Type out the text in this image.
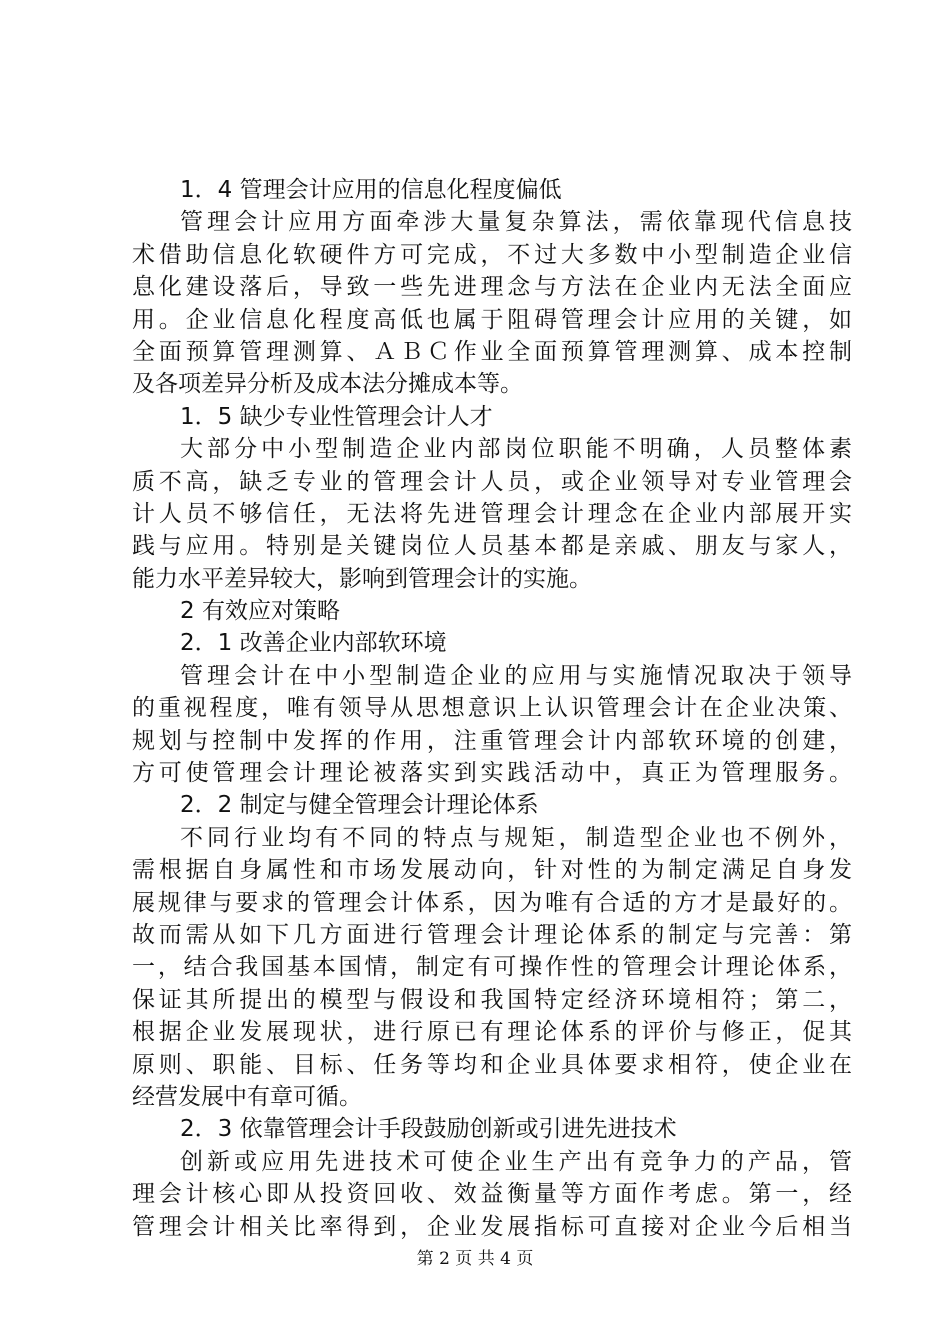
1．4 管理会计应用的信息化程度偏低
管理会计应用方面牵涉大量复杂算法，需依靠现代信息技
术借助信息化软硬件方可完成，不过大多数中小型制造企业信
息化建设落后，导致一些先进理念与方法在企业内无法全面应
用。企业信息化程度高低也属于阻碍管理会计应用的关键，如
全面预算管理测算、ＡＢＣ作业全面预算管理测算、成本控制
及各项差异分析及成本法分摊成本等。
1．5 缺少专业性管理会计人才
大部分中小型制造企业内部岗位职能不明确，人员整体素
质不高，缺乏专业的管理会计人员，或企业领导对专业管理会
计人员不够信任，无法将先进管理会计理念在企业内部展开实
践与应用。特别是关键岗位人员基本都是亲戚、朋友与家人，
能力水平差异较大，影响到管理会计的实施。
2 有效应对策略
2．1 改善企业内部软环境
管理会计在中小型制造企业的应用与实施情况取决于领导
的重视程度，唯有领导从思想意识上认识管理会计在企业决策、
规划与控制中发挥的作用，注重管理会计内部软环境的创建，
方可使管理会计理论被落实到实践活动中，真正为管理服务。
2．2 制定与健全管理会计理论体系
不同行业均有不同的特点与规矩，制造型企业也不例外，
需根据自身属性和市场发展动向，针对性的为制定满足自身发
展规律与要求的管理会计体系，因为唯有合适的方才是最好的。
故而需从如下几方面进行管理会计理论体系的制定与完善：第
一，结合我国基本国情，制定有可操作性的管理会计理论体系，
保证其所提出的模型与假设和我国特定经济环境相符；第二，
根据企业发展现状，进行原已有理论体系的评价与修正，促其
原则、职能、目标、任务等均和企业具体要求相符，使企业在
经营发展中有章可循。
2．3 依靠管理会计手段鼓励创新或引进先进技术
创新或应用先进技术可使企业生产出有竞争力的产品，管
理会计核心即从投资回收、效益衡量等方面作考虑。第一，经
管理会计相关比率得到，企业发展指标可直接对企业今后相当
第 2 页 共 4 页
